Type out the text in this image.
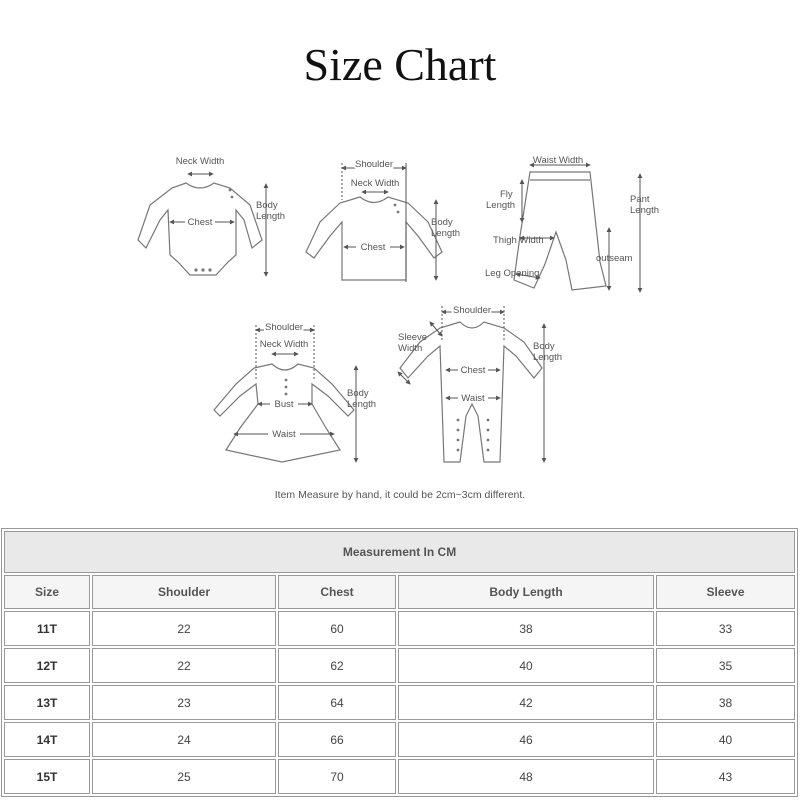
Size Chart
Neck Width
Chest
Body
Length
Shoulder
Neck Width
Chest
Body
Length
Waist Width
Fly
Length
Thigh Width
Leg Opening
outseam
Pant
Length
Shoulder
Neck Width
Bust
Waist
Body
Length
Shoulder
Sleeve
Width
Chest
Waist
Body
Length
Item Measure by hand, it could be 2cm~3cm different.
Measurement In CM				
Size	Shoulder	Chest	Body Length	Sleeve
11T	22	60	38	33
12T	22	62	40	35
13T	23	64	42	38
14T	24	66	46	40
15T	25	70	48	43
